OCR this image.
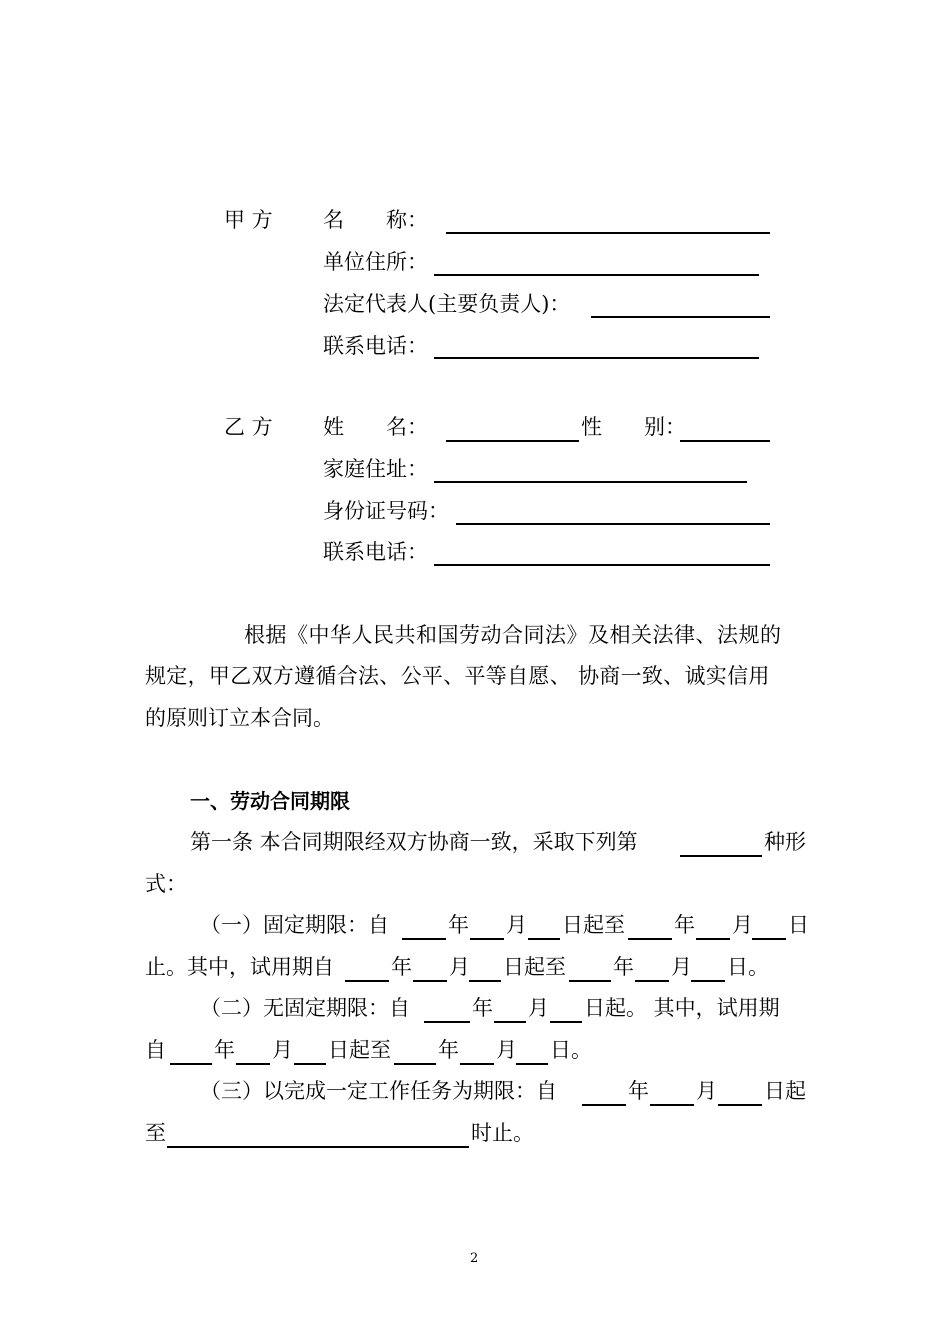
甲 方 名　　称：
单位住所：
法定代表人(主要负责人)：
联系电话：
乙 方 姓　　名：	性　　别：
家庭住址：
身份证号码：
联系电话：
根据《中华人民共和国劳动合同法》及相关法律、法规的
规定，甲乙双方遵循合法、公平、平等自愿、 协商一致、诚实信用
的原则订立本合同。
一、劳动合同期限
第一条 本合同期限经双方协商一致，采取下列第	种形
式：
（一）固定期限：自	年 月 日起至 年 月 日
止。其中，试用期自	年 月 日起至 年 月 日。
（二）无固定期限：自	年 月 日起。 其中，试用期
自 年 月 日起至 年 月 日。
（三）以完成一定工作任务为期限：自	年 月 日起
至	时止。
2
